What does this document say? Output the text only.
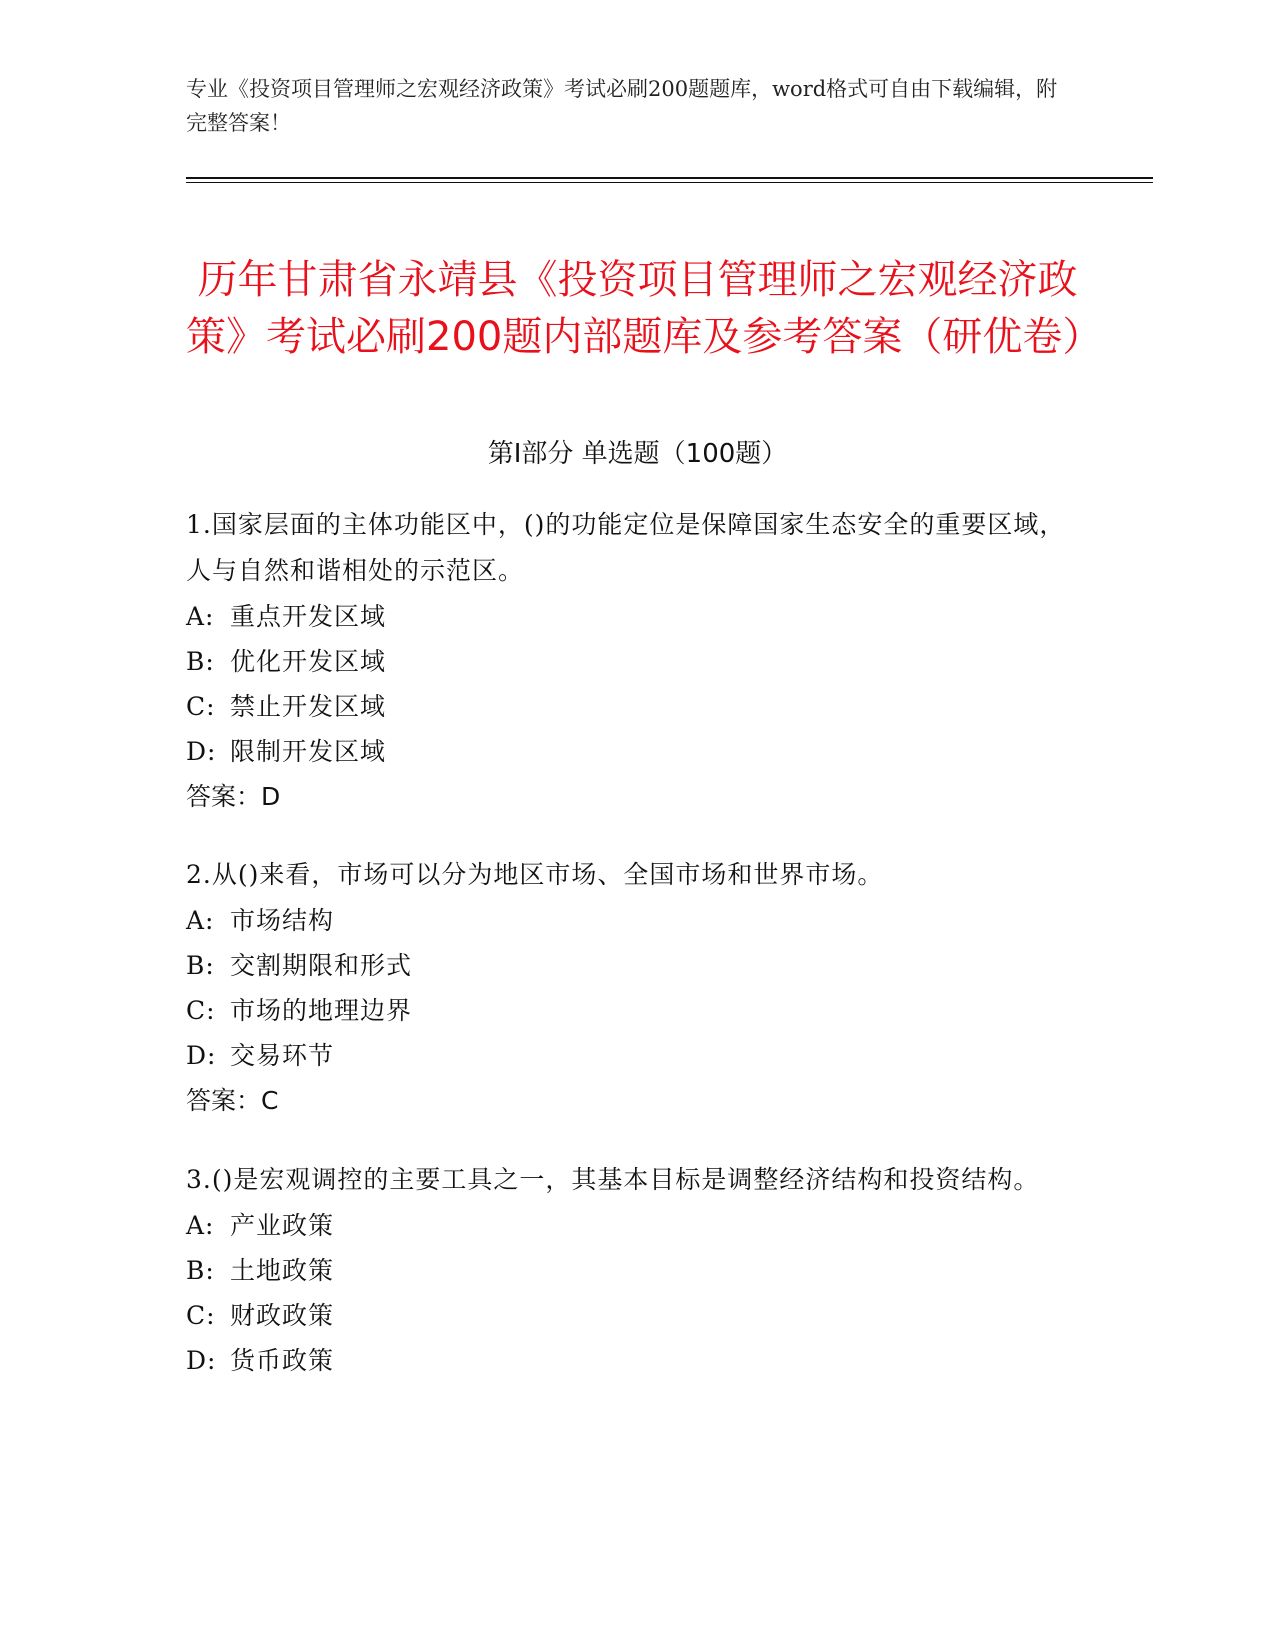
专业《投资项目管理师之宏观经济政策》考试必刷200题题库，word格式可自由下载编辑，附完整答案！
历年甘肃省永靖县《投资项目管理师之宏观经济政策》考试必刷200题内部题库及参考答案（研优卷）
第Ⅰ部分 单选题（100题）
1.国家层面的主体功能区中，()的功能定位是保障国家生态安全的重要区域，人与自然和谐相处的示范区。
A: 重点开发区域
B: 优化开发区域
C: 禁止开发区域
D: 限制开发区域
答案：D
2.从()来看，市场可以分为地区市场、全国市场和世界市场。
A: 市场结构
B: 交割期限和形式
C: 市场的地理边界
D: 交易环节
答案：C
3.()是宏观调控的主要工具之一，其基本目标是调整经济结构和投资结构。
A: 产业政策
B: 土地政策
C: 财政政策
D: 货币政策
